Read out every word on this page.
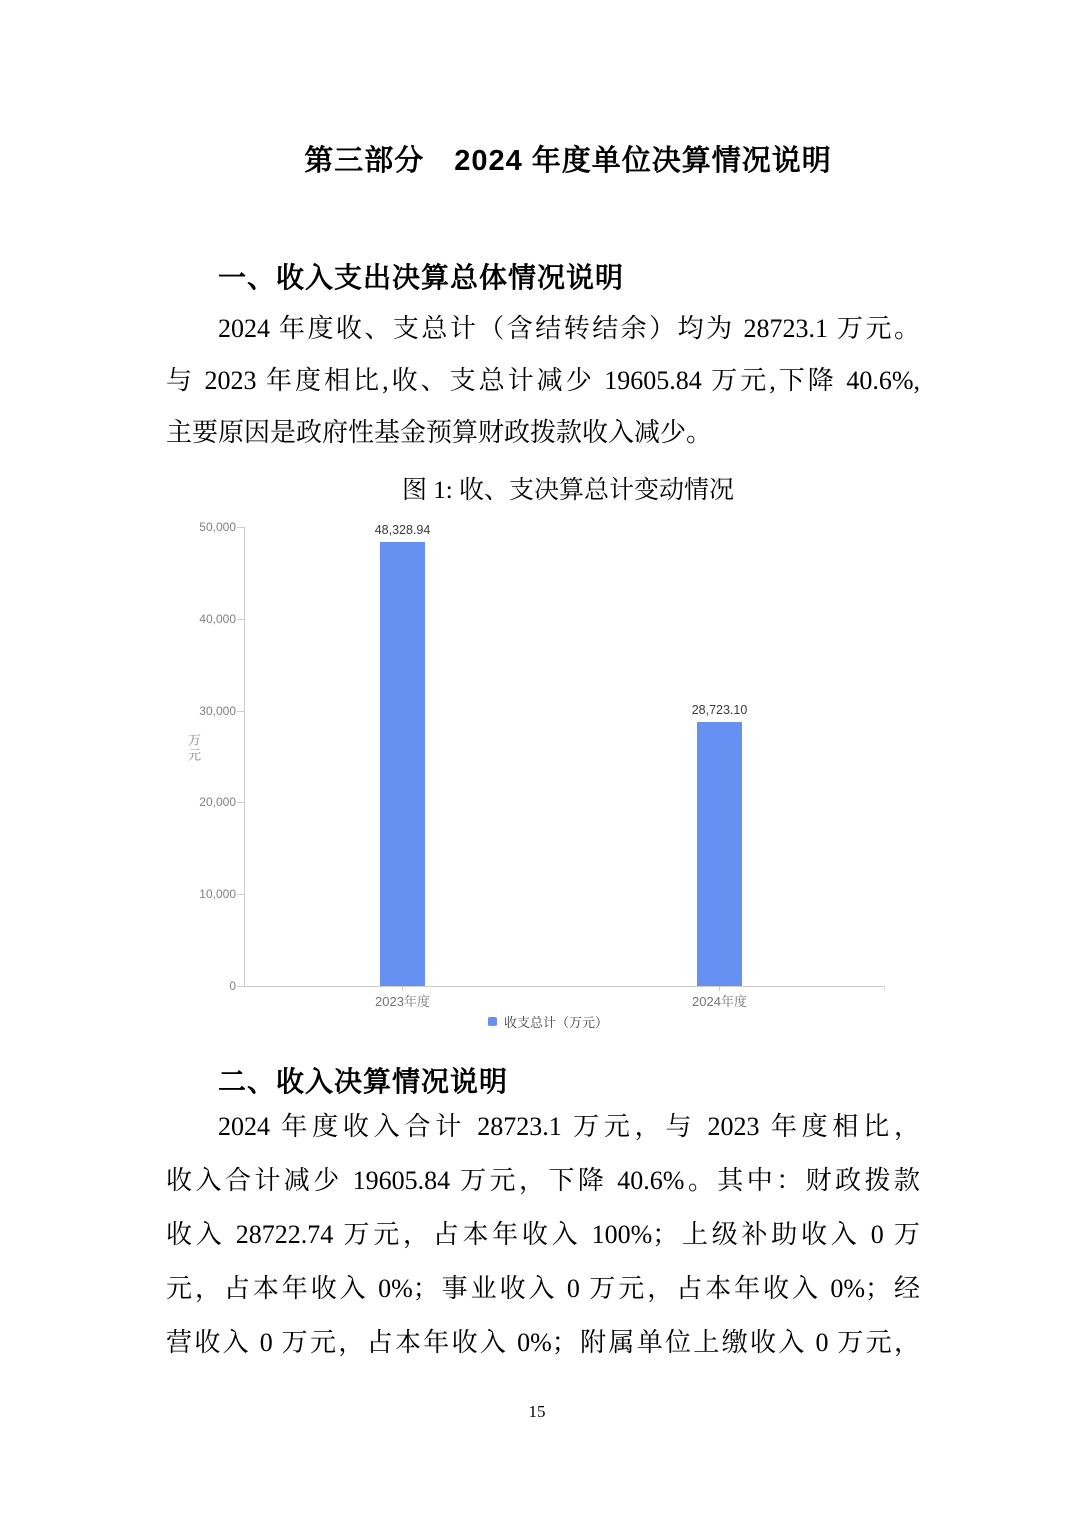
第三部分　2024 年度单位决算情况说明
一、收入支出决算总体情况说明
2024 年度收、支总计（含结转结余）均为 28723.1 万元。
与 2023 年度相比,收、支总计减少 19605.84 万元,下降 40.6%,
主要原因是政府性基金预算财政拨款收入减少。
图 1: 收、支决算总计变动情况
万元
收支总计（万元）
0
10,000
20,000
30,000
40,000
50,000	48,328.94
2023年度
28,723.10
2024年度
二、收入决算情况说明
2024 年度收入合计 28723.1 万元，与 2023 年度相比，
收入合计减少 19605.84 万元，下降 40.6%。其中：财政拨款
收入 28722.74 万元，占本年收入 100%；上级补助收入 0 万
元，占本年收入 0%；事业收入 0 万元，占本年收入 0%；经
营收入 0 万元，占本年收入 0%；附属单位上缴收入 0 万元，
15
